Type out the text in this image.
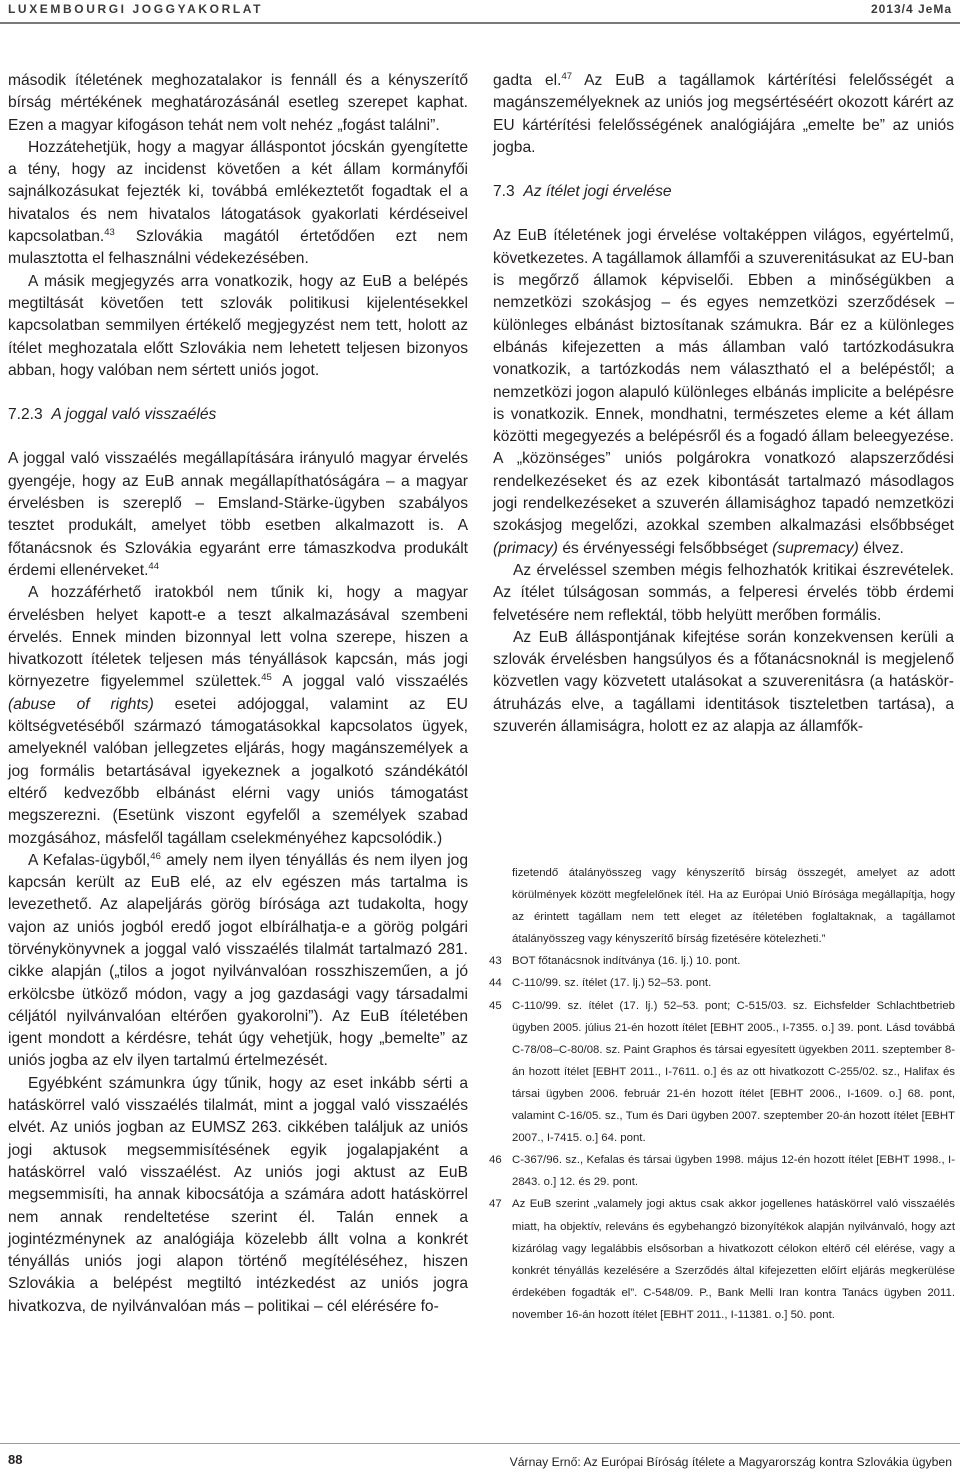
LUXEMBOURGI JOGGYAKORLAT	2013/4 JeMa

második ítéletének meghozatalakor is fennáll és a kényszerítő bírság mértékének meghatározásánál esetleg szerepet kaphat. Ezen a magyar kifogáson tehát nem volt nehéz „fogást találni”.

Hozzátehetjük, hogy a magyar álláspontot jócskán gyengítette a tény, hogy az incidenst követően a két állam kormányfői sajnálkozásukat fejezték ki, továbbá emlékeztetőt fogadtak el a hivatalos és nem hivatalos látogatások gyakorlati kérdéseivel kapcsolatban.$^{43}$ Szlovákia magától értetődően ezt nem mulasztotta el felhasználni védekezésében.

A másik megjegyzés arra vonatkozik, hogy az EuB a belépés megtiltását követően tett szlovák politikusi kijelentésekkel kapcsolatban semmilyen értékelő megjegyzést nem tett, holott az ítélet meghozatala előtt Szlovákia nem lehetett teljesen bizonyos abban, hogy valóban nem sértett uniós jogot.

7.2.3 A joggal való visszaélés

A joggal való visszaélés megállapítására irányuló magyar érvelés gyengéje, hogy az EuB annak megállapíthatóságára – a magyar érvelésben is szereplő – Emsland-Stärke-ügyben szabályos tesztet produkált, amelyet több esetben alkalmazott is. A főtanácsnok és Szlovákia egyaránt erre támaszkodva produkált érdemi ellenérveket.$^{44}$

A hozzáférhető iratokból nem tűnik ki, hogy a magyar érvelésben helyet kapott-e a teszt alkalmazásával szembeni érvelés. Ennek minden bizonnyal lett volna szerepe, hiszen a hivatkozott ítéletek teljesen más tényállások kapcsán, más jogi környezetre figyelemmel születtek.$^{45}$ A joggal való visszaélés (abuse of rights) esetei adójoggal, valamint az EU költségvetéséből származó támogatásokkal kapcsolatos ügyek, amelyeknél valóban jellegzetes eljárás, hogy magánszemélyek a jog formális betartásával igyekeznek a jogalkotó szándékától eltérő kedvezőbb elbánást elérni vagy uniós támogatást megszerezni. (Esetünk viszont egyfelől a személyek szabad mozgásához, másfelől tagállam cselekményéhez kapcsolódik.)

A Kefalas-ügyből,$^{46}$ amely nem ilyen tényállás és nem ilyen jog kapcsán került az EuB elé, az elv egészen más tartalma is levezethető. Az alapeljárás görög bírósága azt tudakolta, hogy vajon az uniós jogból eredő jogot elbírálhatja-e a görög polgári törvénykönyvnek a joggal való visszaélés tilalmát tartalmazó 281. cikke alapján („tilos a jogot nyilvánvalóan rosszhiszeműen, a jó erkölcsbe ütköző módon, vagy a jog gazdasági vagy társadalmi céljától nyilvánvalóan eltérően gyakorolni”). Az EuB ítéletében igent mondott a kérdésre, tehát úgy vehetjük, hogy „bemelte” az uniós jogba az elv ilyen tartalmú értelmezését.

Egyébként számunkra úgy tűnik, hogy az eset inkább sérti a hatáskörrel való visszaélés tilalmát, mint a joggal való visszaélés elvét. Az uniós jogban az EUMSZ 263. cikkében találjuk az uniós jogi aktusok megsemmisítésének egyik jogalapjaként a hatáskörrel való visszaélést. Az uniós jogi aktust az EuB megsemmisíti, ha annak kibocsátója a számára adott hatáskörrel nem annak rendeltetése szerint él. Talán ennek a jogintézménynek az analógiája közelebb állt volna a konkrét tényállás uniós jogi alapon történő megítéléséhez, hiszen Szlovákia a belépést megtiltó intézkedést az uniós jogra hivatkozva, de nyilvánvalóan más – politikai – cél elérésére fo-

gadta el.$^{47}$ Az EuB a tagállamok kártérítési felelősségét a magánszemélyeknek az uniós jog megsértéséért okozott kárért az EU kártérítési felelősségének analógiájára „emelte be” az uniós jogba.

7.3 Az ítélet jogi érvelése

Az EuB ítéletének jogi érvelése voltaképpen világos, egyértelmű, következetes. A tagállamok államfői a szuverenitásukat az EU-ban is megőrző államok képviselői. Ebben a minőségükben a nemzetközi szokásjog – és egyes nemzetközi szerződések – különleges elbánást biztosítanak számukra. Bár ez a különleges elbánás kifejezetten a más államban való tartózkodásukra vonatkozik, a tartózkodás nem választható el a belépéstől; a nemzetközi jogon alapuló különleges elbánás implicite a belépésre is vonatkozik. Ennek, mondhatni, természetes eleme a két állam közötti megegyezés a belépésről és a fogadó állam beleegyezése. A „közönséges” uniós polgárokra vonatkozó alapszerződési rendelkezéseket és az ezek kibontását tartalmazó másodlagos jogi rendelkezéseket a szuverén államisághoz tapadó nemzetközi szokásjog megelőzi, azokkal szemben alkalmazási elsőbbséget (primacy) és érvényességi felsőbbséget (supremacy) élvez.

Az érveléssel szemben mégis felhozhatók kritikai észrevételek. Az ítélet túlságosan sommás, a felperesi érvelés több érdemi felvetésére nem reflektál, több helyütt merőben formális.

Az EuB álláspontjának kifejtése során konzekvensen kerüli a szlovák érvelésben hangsúlyos és a főtanácsnoknál is megjelenő közvetlen vagy közvetett utalásokat a szuverenitásra (a hatáskör-átruházás elve, a tagállami identitások tiszteletben tartása), a szuverén államiságra, holott ez az alapja az államfők-

fizetendő átalányösszeg vagy kényszerítő bírság összegét, amelyet az adott körülmények között megfelelőnek ítél. Ha az Európai Unió Bírósága megállapítja, hogy az érintett tagállam nem tett eleget az ítéletében foglaltaknak, a tagállamot átalányösszeg vagy kényszerítő bírság fizetésére kötelezheti.”
43 BOT főtanácsnok indítványa (16. lj.) 10. pont.
44 C-110/99. sz. ítélet (17. lj.) 52–53. pont.
45 C-110/99. sz. ítélet (17. lj.) 52–53. pont; C-515/03. sz. Eichsfelder Schlachtbetrieb ügyben 2005. július 21-én hozott ítélet [EBHT 2005., I-7355. o.] 39. pont. Lásd továbbá C-78/08–C-80/08. sz. Paint Graphos és társai egyesített ügyekben 2011. szeptember 8-án hozott ítélet [EBHT 2011., I-7611. o.] és az ott hivatkozott C-255/02. sz., Halifax és társai ügyben 2006. február 21-én hozott ítélet [EBHT 2006., I-1609. o.] 68. pont, valamint C-16/05. sz., Tum és Dari ügyben 2007. szeptember 20-án hozott ítélet [EBHT 2007., I-7415. o.] 64. pont.
46 C-367/96. sz., Kefalas és társai ügyben 1998. május 12-én hozott ítélet [EBHT 1998., I-2843. o.] 12. és 29. pont.
47 Az EuB szerint „valamely jogi aktus csak akkor jogellenes hatáskörrel való visszaélés miatt, ha objektív, releváns és egybehangzó bizonyítékok alapján nyilvánvaló, hogy azt kizárólag vagy legalábbis elsősorban a hivatkozott célokon eltérő cél elérése, vagy a konkrét tényállás kezelésére a Szerződés által kifejezetten előírt eljárás megkerülése érdekében fogadták el”. C-548/09. P., Bank Melli Iran kontra Tanács ügyben 2011. november 16-án hozott ítélet [EBHT 2011., I-11381. o.] 50. pont.
88	Várnay Ernő: Az Európai Bíróság ítélete a Magyarország kontra Szlovákia ügyben
